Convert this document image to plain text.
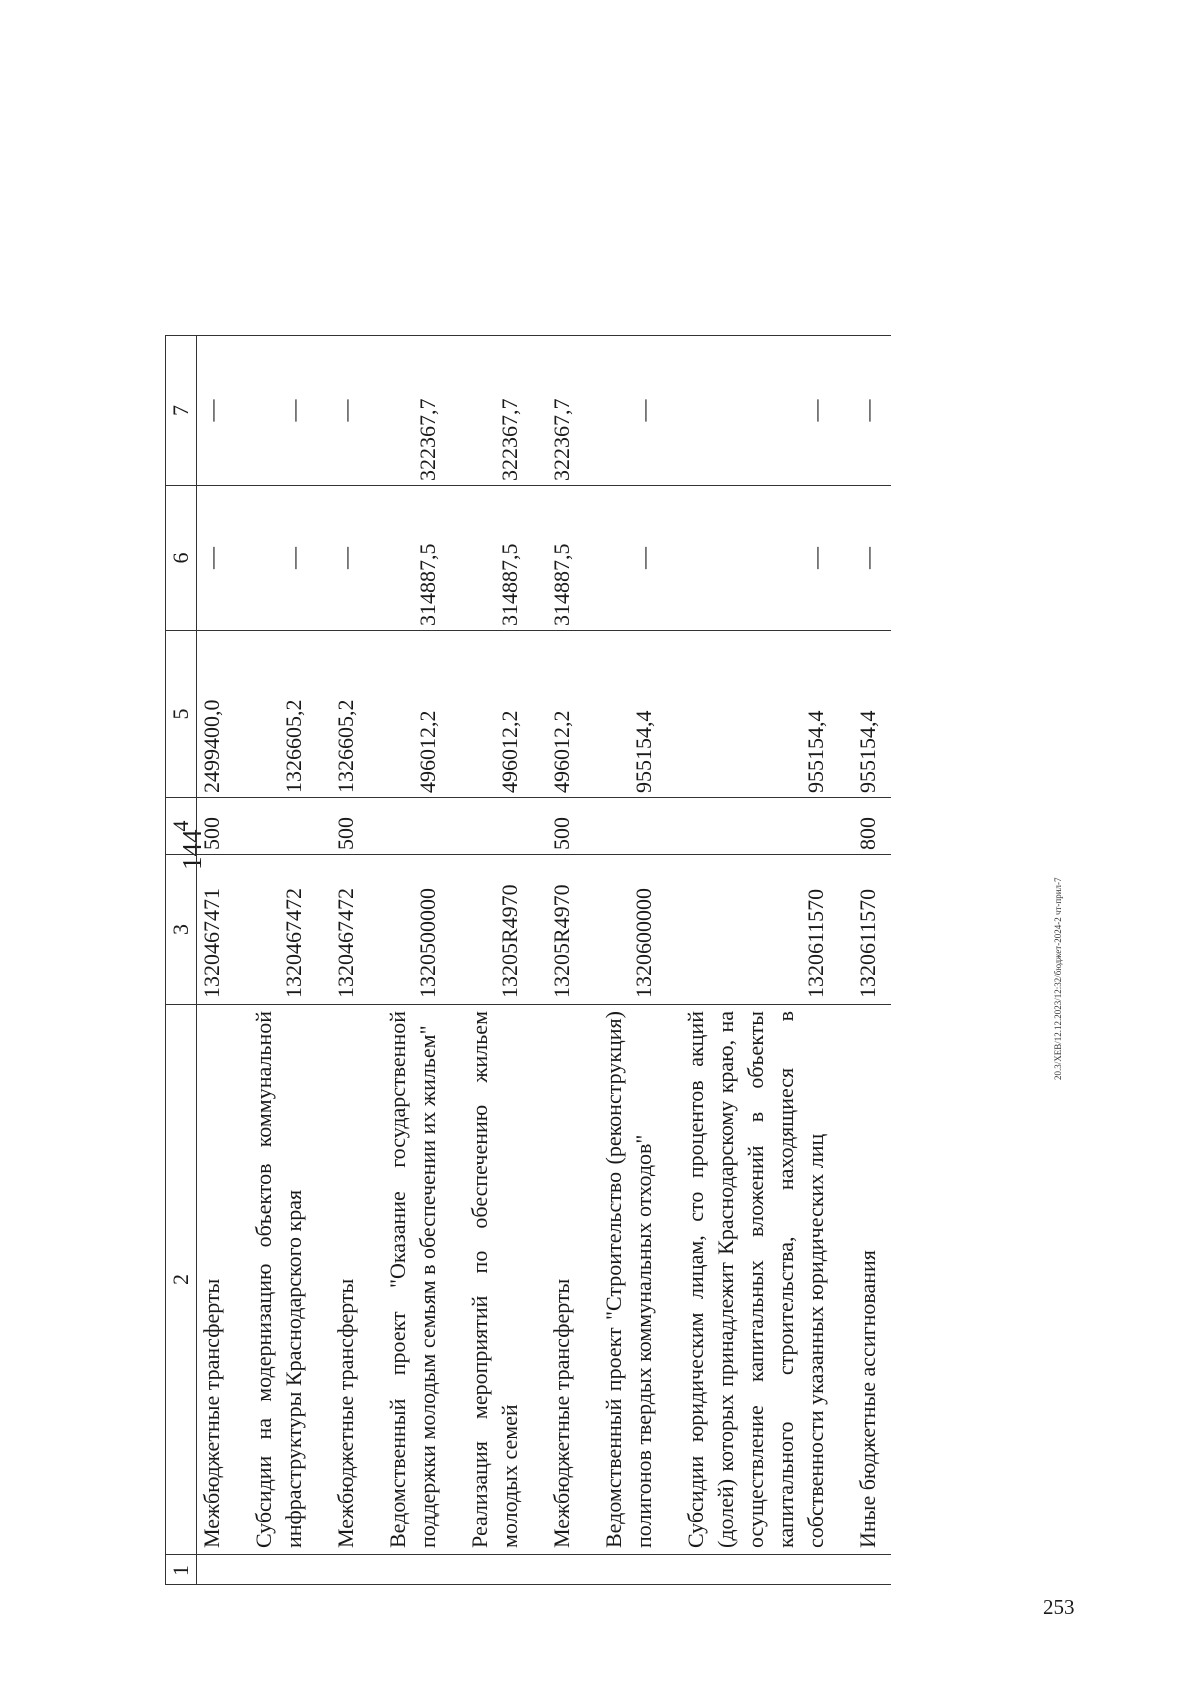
144
1	2	3	4	5	6	7
	Межбюджетные трансферты	1320467471	500	2499400,0	—	—

	Субсидии на модернизацию объектов коммунальной инфраструктуры Краснодарского края	1320467472		1326605,2	—	—

	Межбюджетные трансферты	1320467472	500	1326605,2	—	—

	Ведомственный проект "Оказание государственной поддержки молодым семьям в обеспечении их жильем"	1320500000		496012,2	314887,5	322367,7

	Реализация мероприятий по обеспечению жильем молодых семей	13205R4970		496012,2	314887,5	322367,7

	Межбюджетные трансферты	13205R4970	500	496012,2	314887,5	322367,7

	Ведомственный проект "Строительство (реконструкция) полигонов твердых коммунальных отходов"	1320600000		955154,4	—	—

	Субсидии юридическим лицам, сто процентов акций (долей) которых принадлежит Краснодарскому краю, на осуществление капитальных вложений в объекты капитального строительства, находящиеся в собственности указанных юридических лиц	1320611570		955154,4	—	—

	Иные бюджетные ассигнования	1320611570	800	955154,4	—	—

20.3/XEB/12.12.2023/12:32/бюджет-2024-2 чт-прил-7
253
